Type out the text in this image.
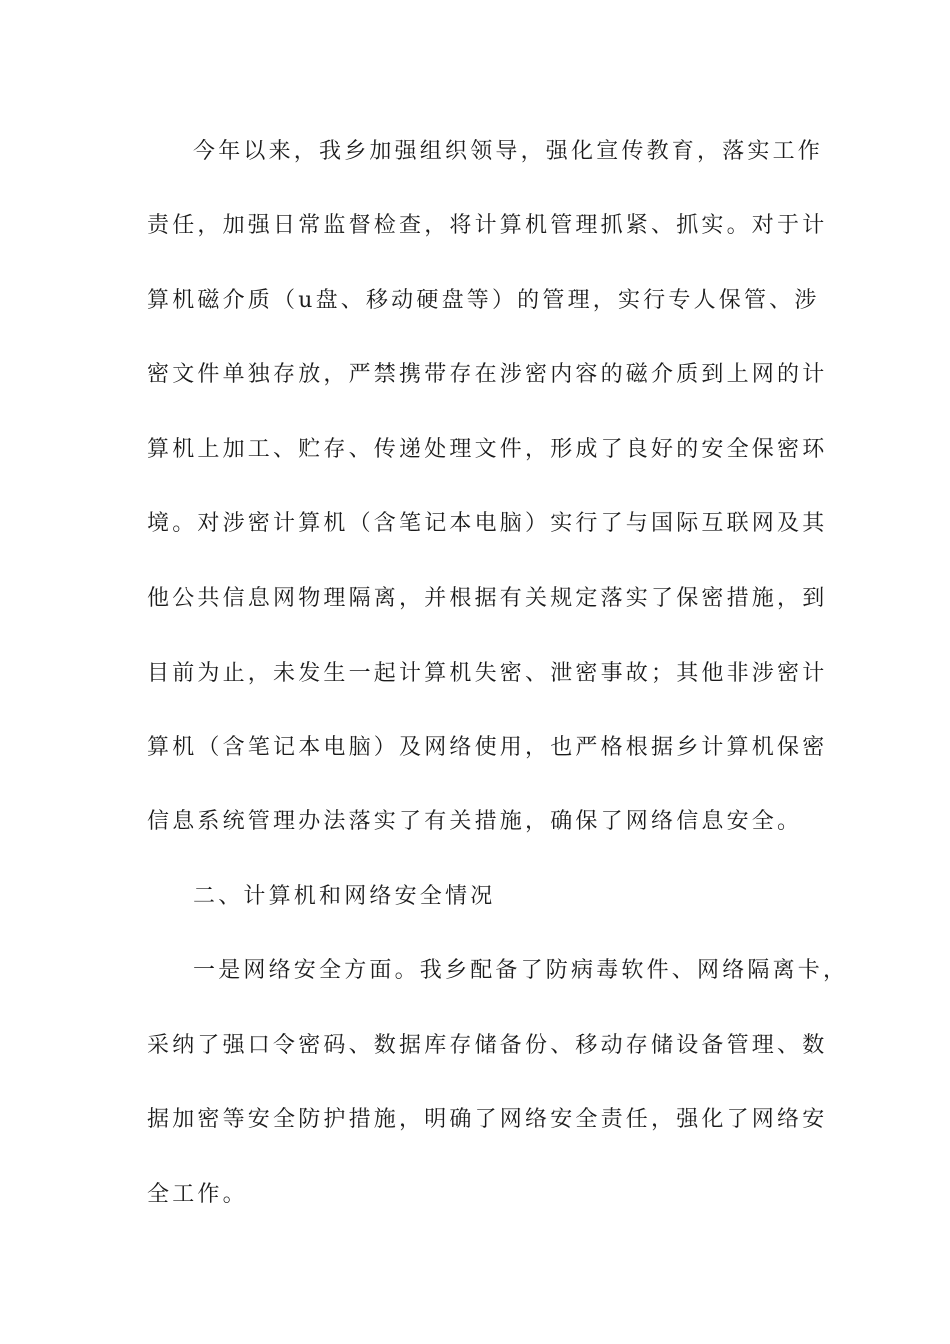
今年以来，我乡加强组织领导，强化宣传教育，落实工作
责任，加强日常监督检查，将计算机管理抓紧、抓实。对于计
算机磁介质（u盘、移动硬盘等）的管理，实行专人保管、涉
密文件单独存放，严禁携带存在涉密内容的磁介质到上网的计
算机上加工、贮存、传递处理文件，形成了良好的安全保密环
境。对涉密计算机（含笔记本电脑）实行了与国际互联网及其
他公共信息网物理隔离，并根据有关规定落实了保密措施，到
目前为止，未发生一起计算机失密、泄密事故；其他非涉密计
算机（含笔记本电脑）及网络使用，也严格根据乡计算机保密
信息系统管理办法落实了有关措施，确保了网络信息安全。
二、计算机和网络安全情况
一是网络安全方面。我乡配备了防病毒软件、网络隔离卡，
采纳了强口令密码、数据库存储备份、移动存储设备管理、数
据加密等安全防护措施，明确了网络安全责任，强化了网络安
全工作。
